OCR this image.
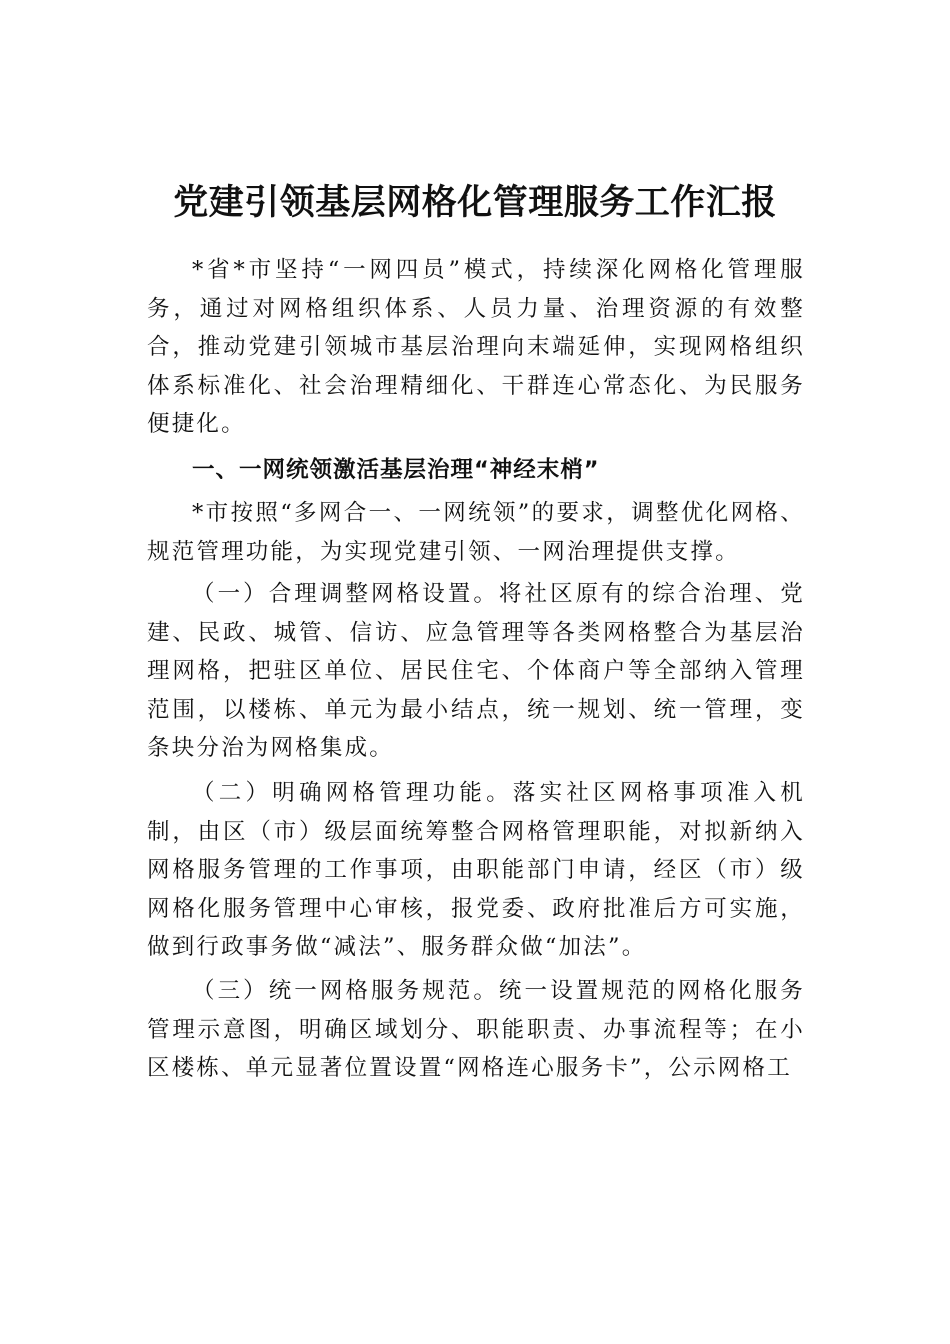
党建引领基层网格化管理服务工作汇报

*省*市坚持“一网四员”模式，持续深化网格化管理服务，通过对网格组织体系、人员力量、治理资源的有效整合，推动党建引领城市基层治理向末端延伸，实现网格组织体系标准化、社会治理精细化、干群连心常态化、为民服务便捷化。

一、一网统领激活基层治理“神经末梢”

*市按照“多网合一、一网统领”的要求，调整优化网格、规范管理功能，为实现党建引领、一网治理提供支撑。

（一）合理调整网格设置。将社区原有的综合治理、党建、民政、城管、信访、应急管理等各类网格整合为基层治理网格，把驻区单位、居民住宅、个体商户等全部纳入管理范围，以楼栋、单元为最小结点，统一规划、统一管理，变条块分治为网格集成。

（二）明确网格管理功能。落实社区网格事项准入机制，由区（市）级层面统筹整合网格管理职能，对拟新纳入网格服务管理的工作事项，由职能部门申请，经区（市）级网格化服务管理中心审核，报党委、政府批准后方可实施，做到行政事务做“减法”、服务群众做“加法”。

（三）统一网格服务规范。统一设置规范的网格化服务管理示意图，明确区域划分、职能职责、办事流程等；在小区楼栋、单元显著位置设置“网格连心服务卡”，公示网格工
